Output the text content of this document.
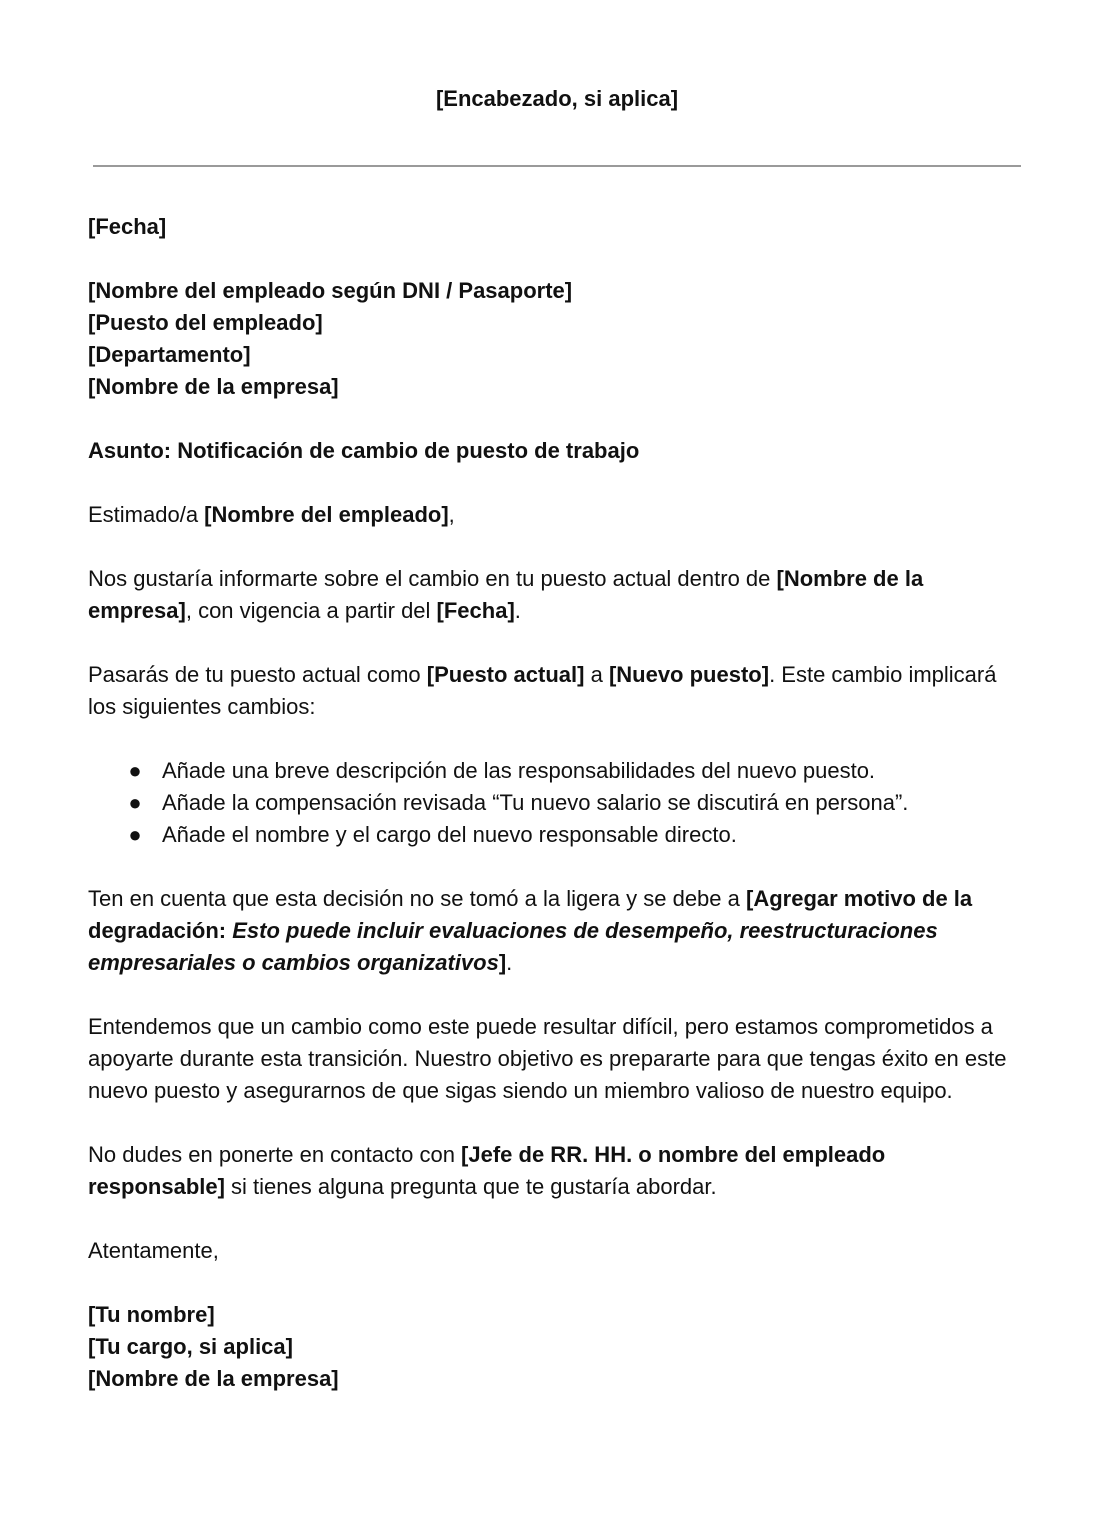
[Encabezado, si aplica]

[Fecha]

[Nombre del empleado según DNI / Pasaporte]
[Puesto del empleado]
[Departamento]
[Nombre de la empresa]

Asunto: Notificación de cambio de puesto de trabajo

Estimado/a [Nombre del empleado],

Nos gustaría informarte sobre el cambio en tu puesto actual dentro de [Nombre de la empresa], con vigencia a partir del [Fecha].

Pasarás de tu puesto actual como [Puesto actual] a [Nuevo puesto]. Este cambio implicará los siguientes cambios:

● Añade una breve descripción de las responsabilidades del nuevo puesto.
● Añade la compensación revisada “Tu nuevo salario se discutirá en persona”.
● Añade el nombre y el cargo del nuevo responsable directo.

Ten en cuenta que esta decisión no se tomó a la ligera y se debe a [Agregar motivo de la degradación: Esto puede incluir evaluaciones de desempeño, reestructuraciones empresariales o cambios organizativos].

Entendemos que un cambio como este puede resultar difícil, pero estamos comprometidos a apoyarte durante esta transición. Nuestro objetivo es prepararte para que tengas éxito en este nuevo puesto y asegurarnos de que sigas siendo un miembro valioso de nuestro equipo.

No dudes en ponerte en contacto con [Jefe de RR. HH. o nombre del empleado responsable] si tienes alguna pregunta que te gustaría abordar.

Atentamente,

[Tu nombre]
[Tu cargo, si aplica]
[Nombre de la empresa]
